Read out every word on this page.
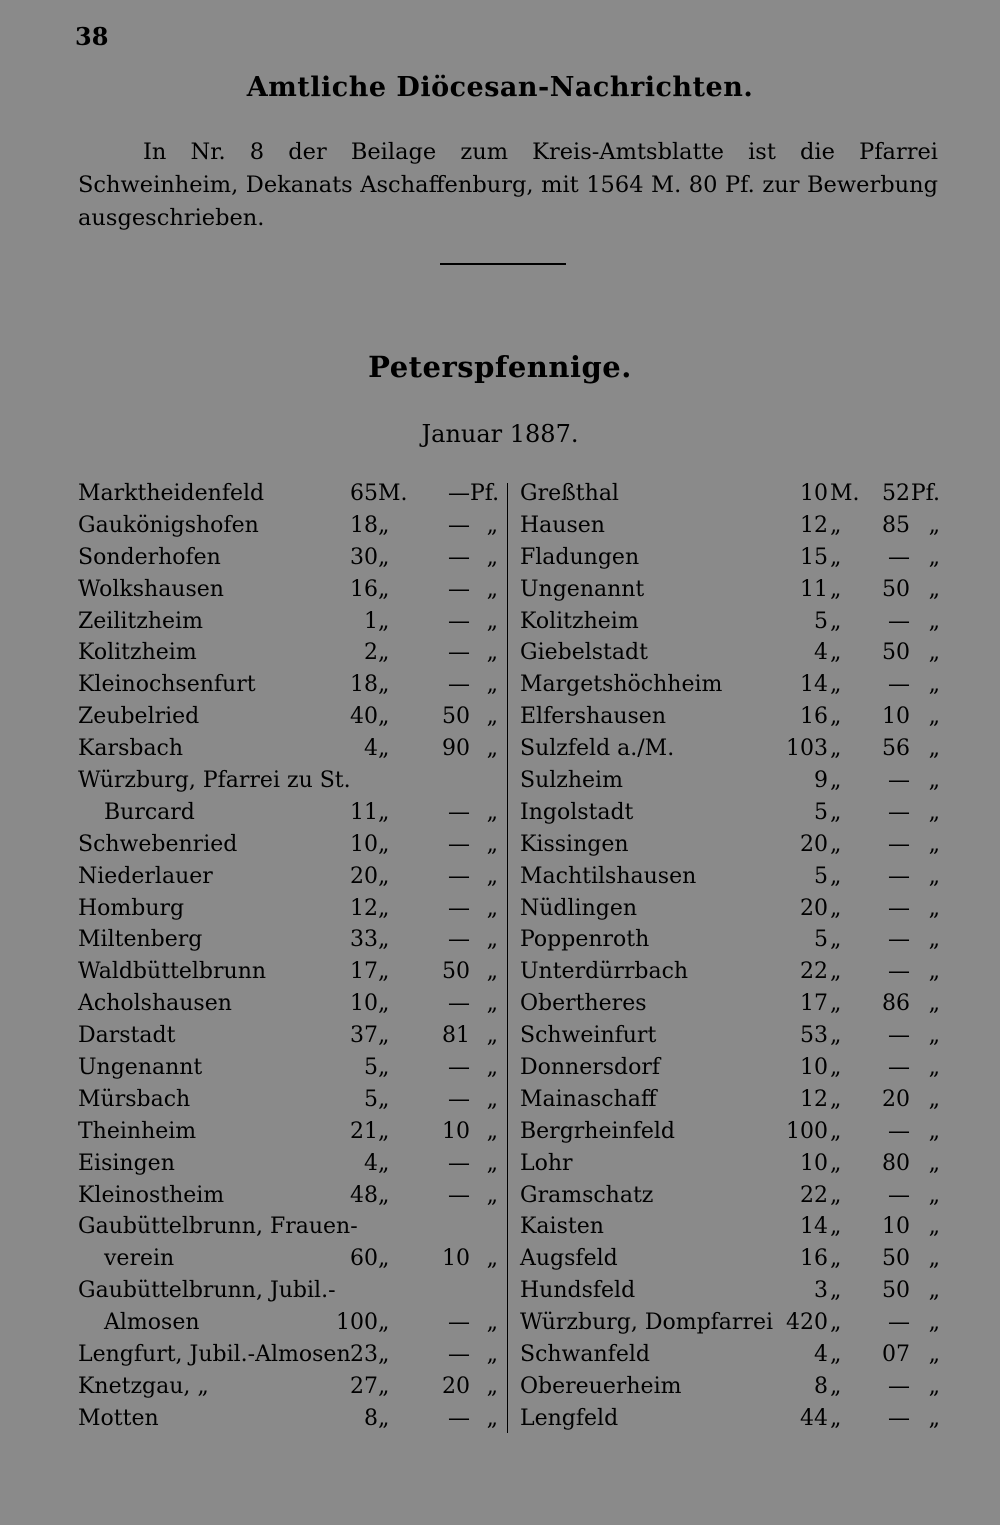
38
Amtliche Diöcesan-Nachrichten.
In Nr. 8 der Beilage zum Kreis-Amtsblatte ist die Pfarrei Schweinheim, Dekanats Aschaffenburg, mit 1564 M. 80 Pf. zur Bewerbung ausgeschrieben.
Peterspfennige.
Januar 1887.
Marktheidenfeld	65 M.	— Pf.
Gaukönigshofen	18 „	— „
Sonderhofen	30 „	— „
Wolkshausen	16 „	— „
Zeilitzheim	1 „	— „
Kolitzheim	2 „	— „
Kleinochsenfurt	18 „	— „
Zeubelried	40 „	50 „
Karsbach	4 „	90 „
Würzburg, Pfarrei zu St.
Burcard	11 „	— „
Schwebenried	10 „	— „
Niederlauer	20 „	— „
Homburg	12 „	— „
Miltenberg	33 „	— „
Waldbüttelbrunn	17 „	50 „
Acholshausen	10 „	— „
Darstadt	37 „	81 „
Ungenannt	5 „	— „
Mürsbach	5 „	— „
Theinheim	21 „	10 „
Eisingen	4 „	— „
Kleinostheim	48 „	— „
Gaubüttelbrunn, Frauen-
verein	60 „	10 „
Gaubüttelbrunn, Jubil.-
Almosen	100 „	— „
Lengfurt, Jubil.-Almosen 23 „	— „
Knetzgau, „	27 „	20 „
Motten	8 „	— „
Greßthal	10 M.	52 Pf.
Hausen	12 „	85 „
Fladungen	15 „	— „
Ungenannt	11 „	50 „
Kolitzheim	5 „	— „
Giebelstadt	4 „	50 „
Margetshöchheim	14 „	— „
Elfershausen	16 „	10 „
Sulzfeld a./M.	103 „	56 „
Sulzheim	9 „	— „
Ingolstadt	5 „	— „
Kissingen	20 „	— „
Machtilshausen	5 „	— „
Nüdlingen	20 „	— „
Poppenroth	5 „	— „
Unterdürrbach	22 „	— „
Obertheres	17 „	86 „
Schweinfurt	53 „	— „
Donnersdorf	10 „	— „
Mainaschaff	12 „	20 „
Bergrheinfeld	100 „	— „
Lohr	10 „	80 „
Gramschatz	22 „	— „
Kaisten	14 „	10 „
Augsfeld	16 „	50 „
Hundsfeld	3 „	50 „
Würzburg, Dompfarrei 420 „	— „
Schwanfeld	4 „	07 „
Obereuerheim	8 „	— „
Lengfeld	44 „	— „
